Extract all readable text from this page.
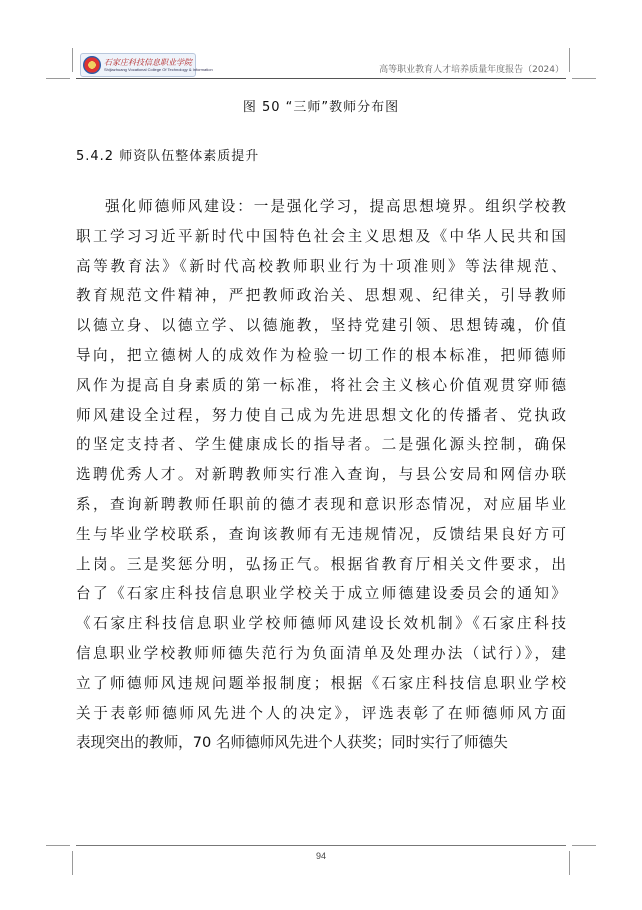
石家庄科技信息职业学院
Shijiazhuang Vocational College Of Technology & Information	高等职业教育人才培养质量年度报告（2024）
图 50 “三师”教师分布图
5.4.2 师资队伍整体素质提升
强化师德师风建设：一是强化学习，提高思想境界。组织学校教
职工学习习近平新时代中国特色社会主义思想及《中华人民共和国
高等教育法》《新时代高校教师职业行为十项准则》等法律规范、
教育规范文件精神，严把教师政治关、思想观、纪律关，引导教师
以德立身、以德立学、以德施教，坚持党建引领、思想铸魂，价值
导向，把立德树人的成效作为检验一切工作的根本标准，把师德师
风作为提高自身素质的第一标准，将社会主义核心价值观贯穿师德
师风建设全过程，努力使自己成为先进思想文化的传播者、党执政
的坚定支持者、学生健康成长的指导者。二是强化源头控制，确保
选聘优秀人才。对新聘教师实行准入查询，与县公安局和网信办联
系，查询新聘教师任职前的德才表现和意识形态情况，对应届毕业
生与毕业学校联系，查询该教师有无违规情况，反馈结果良好方可
上岗。三是奖惩分明，弘扬正气。根据省教育厅相关文件要求，出
台了《石家庄科技信息职业学校关于成立师德建设委员会的通知》
《石家庄科技信息职业学校师德师风建设长效机制》《石家庄科技
信息职业学校教师师德失范行为负面清单及处理办法（试行）》，建
立了师德师风违规问题举报制度；根据《石家庄科技信息职业学校
关于表彰师德师风先进个人的决定》，评选表彰了在师德师风方面
表现突出的教师，70 名师德师风先进个人获奖；同时实行了师德失
94
